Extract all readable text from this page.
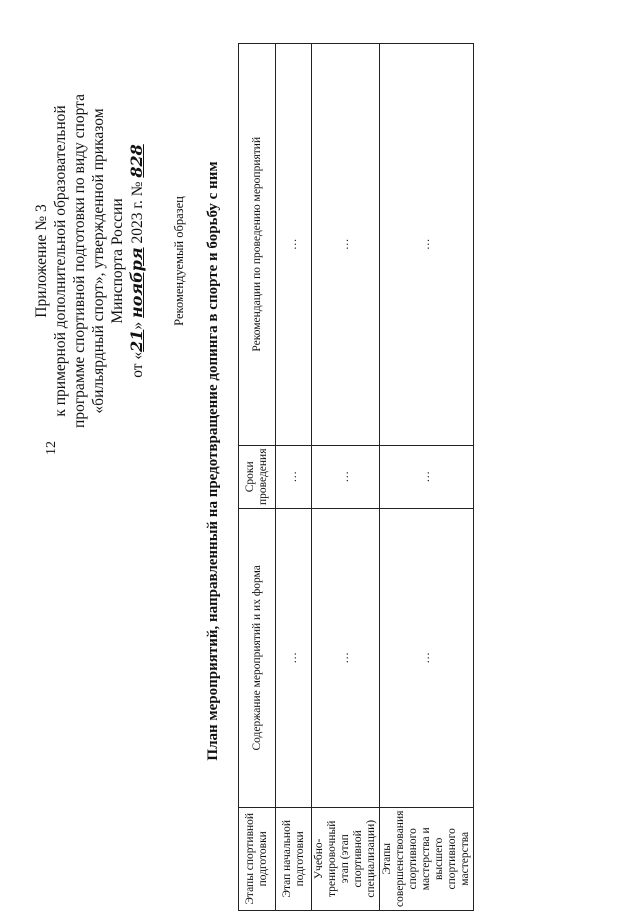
12
Приложение № 3 к примерной дополнительной образовательной программе спортивной подготовки по виду спорта «бильярдный спорт», утвержденной приказом Минспорта России
от «21» ноября 2023 г. № 828
Рекомендуемый образец План мероприятий, направленный на предотвращение допинга в спорте и борьбу с ним
Этапы спортивной подготовки	Содержание мероприятий и их форма	Сроки проведения	Рекомендации по проведению мероприятий
Этап начальной подготовки	…	…	…
Учебно-тренировочный этап (этап спортивной специализации)	…	…	…
Этапы совершенствования спортивного мастерства и высшего спортивного мастерства	…	…	…
